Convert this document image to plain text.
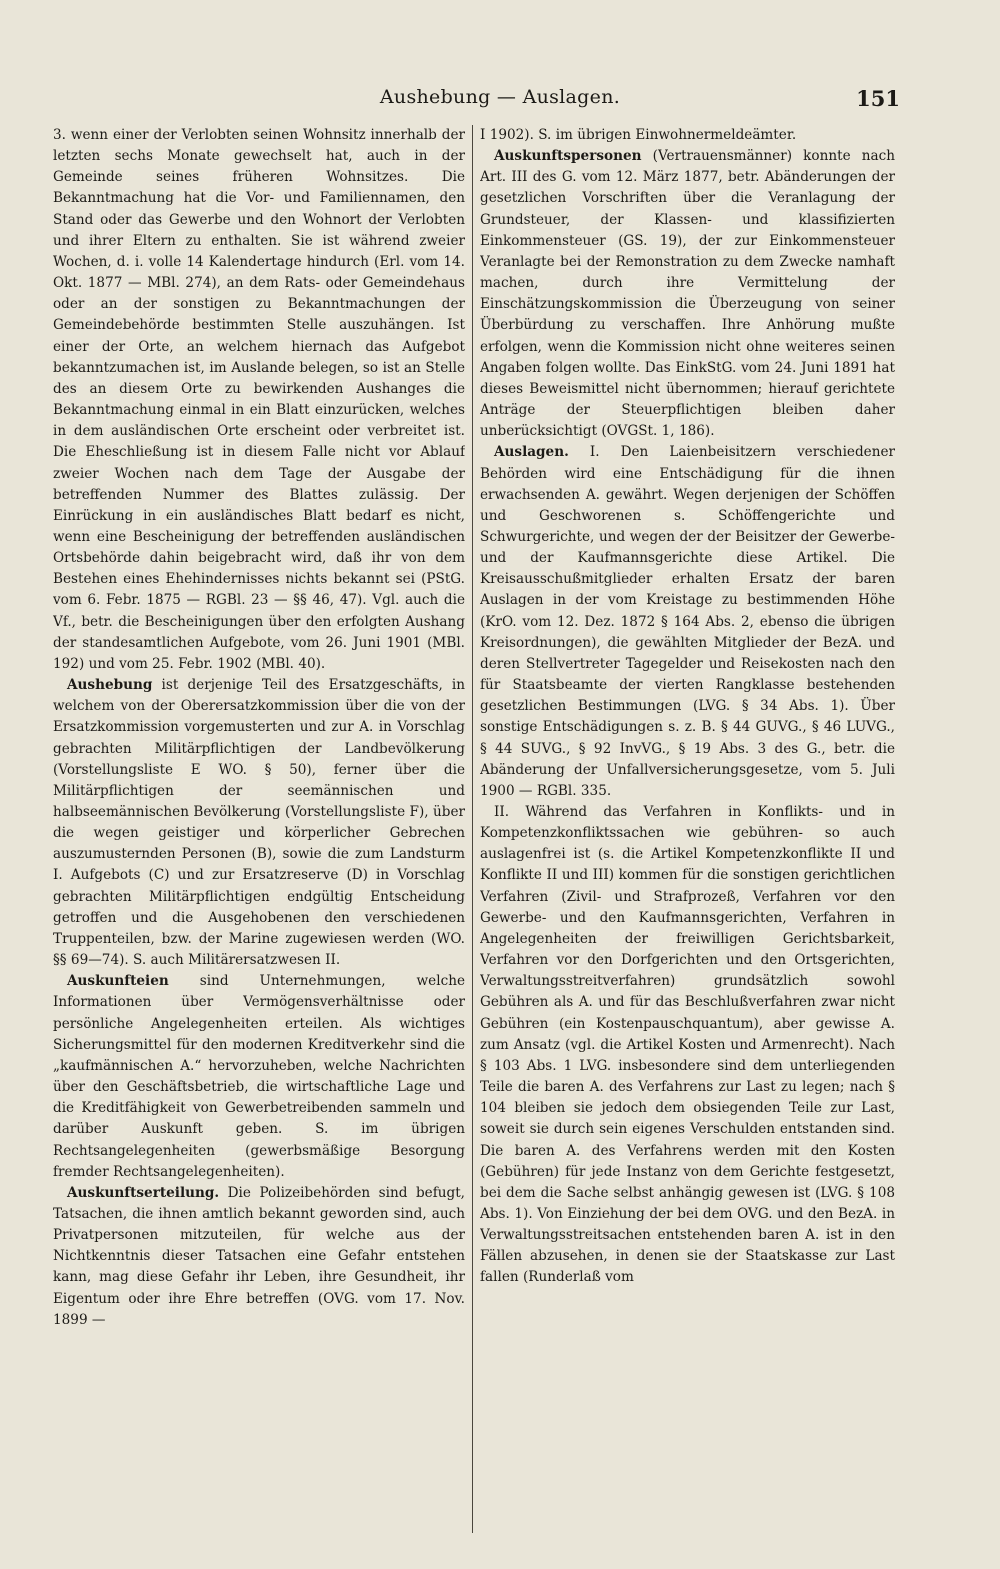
Aushebung — Auslagen.	151

3. wenn einer der Verlobten seinen Wohnsitz innerhalb der letzten sechs Monate gewechselt hat, auch in der Gemeinde seines früheren Wohnsitzes. Die Bekanntmachung hat die Vor- und Familiennamen, den Stand oder das Gewerbe und den Wohnort der Verlobten und ihrer Eltern zu enthalten. Sie ist während zweier Wochen, d. i. volle 14 Kalendertage hindurch (Erl. vom 14. Okt. 1877 — MBl. 274), an dem Rats- oder Gemeindehaus oder an der sonstigen zu Bekanntmachungen der Gemeindebehörde bestimmten Stelle auszuhängen. Ist einer der Orte, an welchem hiernach das Aufgebot bekanntzumachen ist, im Auslande belegen, so ist an Stelle des an diesem Orte zu bewirkenden Aushanges die Bekanntmachung einmal in ein Blatt einzurücken, welches in dem ausländischen Orte erscheint oder verbreitet ist. Die Eheschließung ist in diesem Falle nicht vor Ablauf zweier Wochen nach dem Tage der Ausgabe der betreffenden Nummer des Blattes zulässig. Der Einrückung in ein ausländisches Blatt bedarf es nicht, wenn eine Bescheinigung der betreffenden ausländischen Ortsbehörde dahin beigebracht wird, daß ihr von dem Bestehen eines Ehehindernisses nichts bekannt sei (PStG. vom 6. Febr. 1875 — RGBl. 23 — §§ 46, 47). Vgl. auch die Vf., betr. die Bescheinigungen über den erfolgten Aushang der standesamtlichen Aufgebote, vom 26. Juni 1901 (MBl. 192) und vom 25. Febr. 1902 (MBl. 40).

Aushebung ist derjenige Teil des Ersatzgeschäfts, in welchem von der Oberersatzkommission über die von der Ersatzkommission vorgemusterten und zur A. in Vorschlag gebrachten Militärpflichtigen der Landbevölkerung (Vorstellungsliste E WO. § 50), ferner über die Militärpflichtigen der seemännischen und halbseemännischen Bevölkerung (Vorstellungsliste F), über die wegen geistiger und körperlicher Gebrechen auszumusternden Personen (B), sowie die zum Landsturm I. Aufgebots (C) und zur Ersatzreserve (D) in Vorschlag gebrachten Militärpflichtigen endgültig Entscheidung getroffen und die Ausgehobenen den verschiedenen Truppenteilen, bzw. der Marine zugewiesen werden (WO. §§ 69—74). S. auch Militärersatzwesen II.

Auskunfteien sind Unternehmungen, welche Informationen über Vermögensverhältnisse oder persönliche Angelegenheiten erteilen. Als wichtiges Sicherungsmittel für den modernen Kreditverkehr sind die „kaufmännischen A.“ hervorzuheben, welche Nachrichten über den Geschäftsbetrieb, die wirtschaftliche Lage und die Kreditfähigkeit von Gewerbetreibenden sammeln und darüber Auskunft geben. S. im übrigen Rechtsangelegenheiten (gewerbsmäßige Besorgung fremder Rechtsangelegenheiten).

Auskunftserteilung. Die Polizeibehörden sind befugt, Tatsachen, die ihnen amtlich bekannt geworden sind, auch Privatpersonen mitzuteilen, für welche aus der Nichtkenntnis dieser Tatsachen eine Gefahr entstehen kann, mag diese Gefahr ihr Leben, ihre Gesundheit, ihr Eigentum oder ihre Ehre betreffen (OVG. vom 17. Nov. 1899 —

I 1902). S. im übrigen Einwohnermeldeämter.

Auskunftspersonen (Vertrauensmänner) konnte nach Art. III des G. vom 12. März 1877, betr. Abänderungen der gesetzlichen Vorschriften über die Veranlagung der Grundsteuer, der Klassen- und klassifizierten Einkommensteuer (GS. 19), der zur Einkommensteuer Veranlagte bei der Remonstration zu dem Zwecke namhaft machen, durch ihre Vermittelung der Einschätzungskommission die Überzeugung von seiner Überbürdung zu verschaffen. Ihre Anhörung mußte erfolgen, wenn die Kommission nicht ohne weiteres seinen Angaben folgen wollte. Das EinkStG. vom 24. Juni 1891 hat dieses Beweismittel nicht übernommen; hierauf gerichtete Anträge der Steuerpflichtigen bleiben daher unberücksichtigt (OVGSt. 1, 186).

Auslagen. I. Den Laienbeisitzern verschiedener Behörden wird eine Entschädigung für die ihnen erwachsenden A. gewährt. Wegen derjenigen der Schöffen und Geschworenen s. Schöffengerichte und Schwurgerichte, und wegen der der Beisitzer der Gewerbe- und der Kaufmannsgerichte diese Artikel. Die Kreisausschußmitglieder erhalten Ersatz der baren Auslagen in der vom Kreistage zu bestimmenden Höhe (KrO. vom 12. Dez. 1872 § 164 Abs. 2, ebenso die übrigen Kreisordnungen), die gewählten Mitglieder der BezA. und deren Stellvertreter Tagegelder und Reisekosten nach den für Staatsbeamte der vierten Rangklasse bestehenden gesetzlichen Bestimmungen (LVG. § 34 Abs. 1). Über sonstige Entschädigungen s. z. B. § 44 GUVG., § 46 LUVG., § 44 SUVG., § 92 InvVG., § 19 Abs. 3 des G., betr. die Abänderung der Unfallversicherungsgesetze, vom 5. Juli 1900 — RGBl. 335.

II. Während das Verfahren in Konflikts- und in Kompetenzkonfliktssachen wie gebühren- so auch auslagenfrei ist (s. die Artikel Kompetenzkonflikte II und Konflikte II und III) kommen für die sonstigen gerichtlichen Verfahren (Zivil- und Strafprozeß, Verfahren vor den Gewerbe- und den Kaufmannsgerichten, Verfahren in Angelegenheiten der freiwilligen Gerichtsbarkeit, Verfahren vor den Dorfgerichten und den Ortsgerichten, Verwaltungsstreitverfahren) grundsätzlich sowohl Gebühren als A. und für das Beschlußverfahren zwar nicht Gebühren (ein Kostenpauschquantum), aber gewisse A. zum Ansatz (vgl. die Artikel Kosten und Armenrecht). Nach § 103 Abs. 1 LVG. insbesondere sind dem unterliegenden Teile die baren A. des Verfahrens zur Last zu legen; nach § 104 bleiben sie jedoch dem obsiegenden Teile zur Last, soweit sie durch sein eigenes Verschulden entstanden sind. Die baren A. des Verfahrens werden mit den Kosten (Gebühren) für jede Instanz von dem Gerichte festgesetzt, bei dem die Sache selbst anhängig gewesen ist (LVG. § 108 Abs. 1). Von Einziehung der bei dem OVG. und den BezA. in Verwaltungsstreitsachen entstehenden baren A. ist in den Fällen abzusehen, in denen sie der Staatskasse zur Last fallen (Runderlaß vom
